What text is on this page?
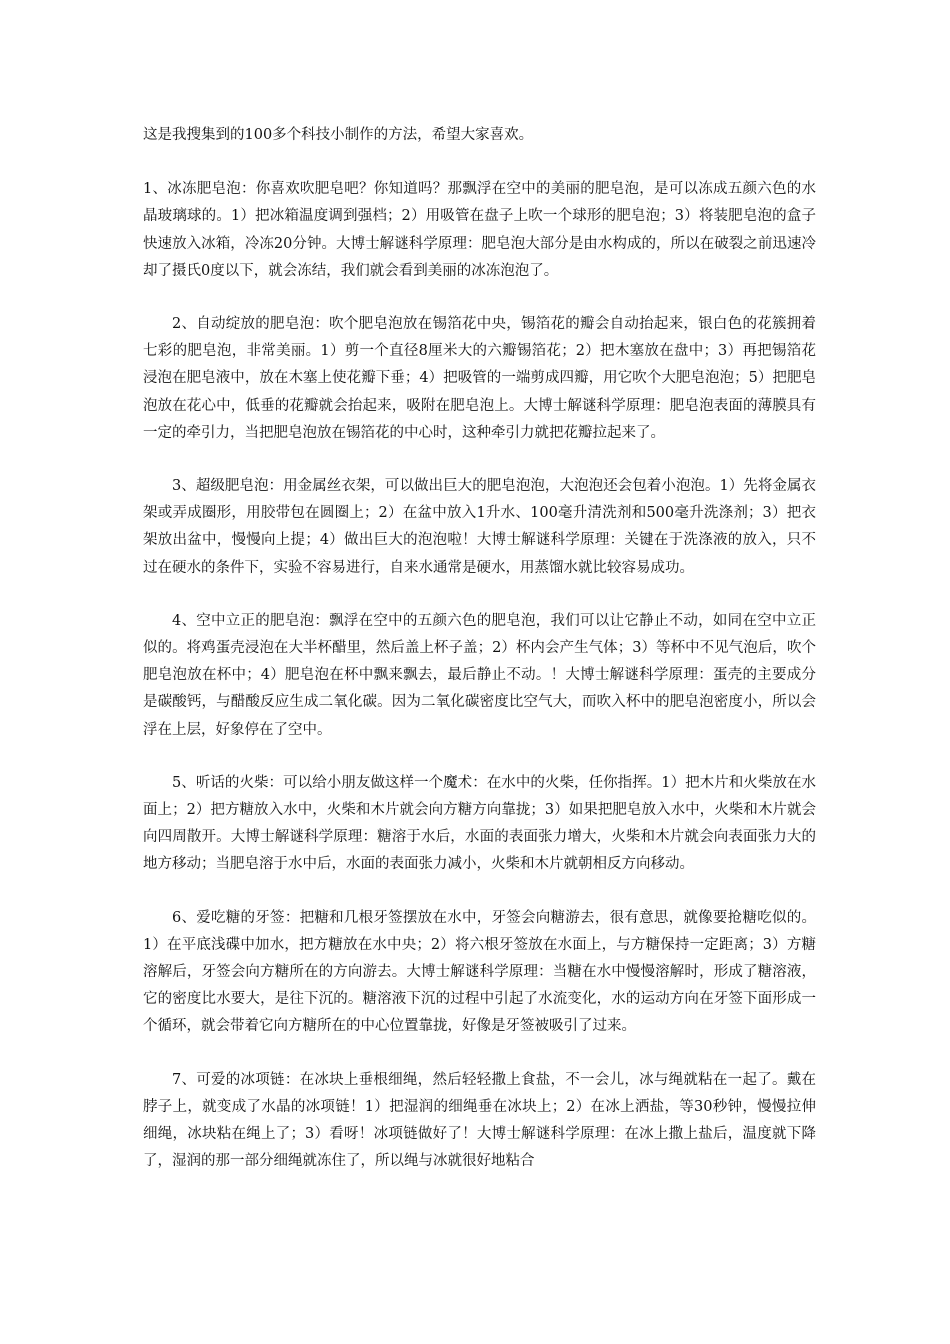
这是我搜集到的100多个科技小制作的方法，希望大家喜欢。

1、冰冻肥皂泡：你喜欢吹肥皂吧？你知道吗？那飘浮在空中的美丽的肥皂泡，是可以冻成五颜六色的水晶玻璃球的。1）把冰箱温度调到强档；2）用吸管在盘子上吹一个球形的肥皂泡；3）将装肥皂泡的盒子快速放入冰箱，冷冻20分钟。大博士解谜科学原理：肥皂泡大部分是由水构成的，所以在破裂之前迅速冷却了摄氏0度以下，就会冻结，我们就会看到美丽的冰冻泡泡了。

2、自动绽放的肥皂泡：吹个肥皂泡放在锡箔花中央，锡箔花的瓣会自动抬起来，银白色的花簇拥着七彩的肥皂泡，非常美丽。1）剪一个直径8厘米大的六瓣锡箔花；2）把木塞放在盘中；3）再把锡箔花浸泡在肥皂液中，放在木塞上使花瓣下垂；4）把吸管的一端剪成四瓣，用它吹个大肥皂泡泡；5）把肥皂泡放在花心中，低垂的花瓣就会抬起来，吸附在肥皂泡上。大博士解谜科学原理：肥皂泡表面的薄膜具有一定的牵引力，当把肥皂泡放在锡箔花的中心时，这种牵引力就把花瓣拉起来了。

3、超级肥皂泡：用金属丝衣架，可以做出巨大的肥皂泡泡，大泡泡还会包着小泡泡。1）先将金属衣架或弄成圈形，用胶带包在圆圈上；2）在盆中放入1升水、100毫升清洗剂和500毫升洗涤剂；3）把衣架放出盆中，慢慢向上提；4）做出巨大的泡泡啦！大博士解谜科学原理：关键在于洗涤液的放入，只不过在硬水的条件下，实验不容易进行，自来水通常是硬水，用蒸馏水就比较容易成功。

4、空中立正的肥皂泡：飘浮在空中的五颜六色的肥皂泡，我们可以让它静止不动，如同在空中立正似的。将鸡蛋壳浸泡在大半杯醋里，然后盖上杯子盖；2）杯内会产生气体；3）等杯中不见气泡后，吹个肥皂泡放在杯中；4）肥皂泡在杯中飘来飘去，最后静止不动。！大博士解谜科学原理：蛋壳的主要成分是碳酸钙，与醋酸反应生成二氧化碳。因为二氧化碳密度比空气大，而吹入杯中的肥皂泡密度小，所以会浮在上层，好象停在了空中。

5、听话的火柴：可以给小朋友做这样一个魔术：在水中的火柴，任你指挥。1）把木片和火柴放在水面上；2）把方糖放入水中，火柴和木片就会向方糖方向靠拢；3）如果把肥皂放入水中，火柴和木片就会向四周散开。大博士解谜科学原理：糖溶于水后，水面的表面张力增大，火柴和木片就会向表面张力大的地方移动；当肥皂溶于水中后，水面的表面张力减小，火柴和木片就朝相反方向移动。

6、爱吃糖的牙签：把糖和几根牙签摆放在水中，牙签会向糖游去，很有意思，就像要抢糖吃似的。1）在平底浅碟中加水，把方糖放在水中央；2）将六根牙签放在水面上，与方糖保持一定距离；3）方糖溶解后，牙签会向方糖所在的方向游去。大博士解谜科学原理：当糖在水中慢慢溶解时，形成了糖溶液，它的密度比水要大，是往下沉的。糖溶液下沉的过程中引起了水流变化，水的运动方向在牙签下面形成一个循环，就会带着它向方糖所在的中心位置靠拢，好像是牙签被吸引了过来。

7、可爱的冰项链：在冰块上垂根细绳，然后轻轻撒上食盐，不一会儿，冰与绳就粘在一起了。戴在脖子上，就变成了水晶的冰项链！1）把湿润的细绳垂在冰块上；2）在冰上洒盐，等30秒钟，慢慢拉伸细绳，冰块粘在绳上了；3）看呀！冰项链做好了！大博士解谜科学原理：在冰上撒上盐后，温度就下降了，湿润的那一部分细绳就冻住了，所以绳与冰就很好地粘合
